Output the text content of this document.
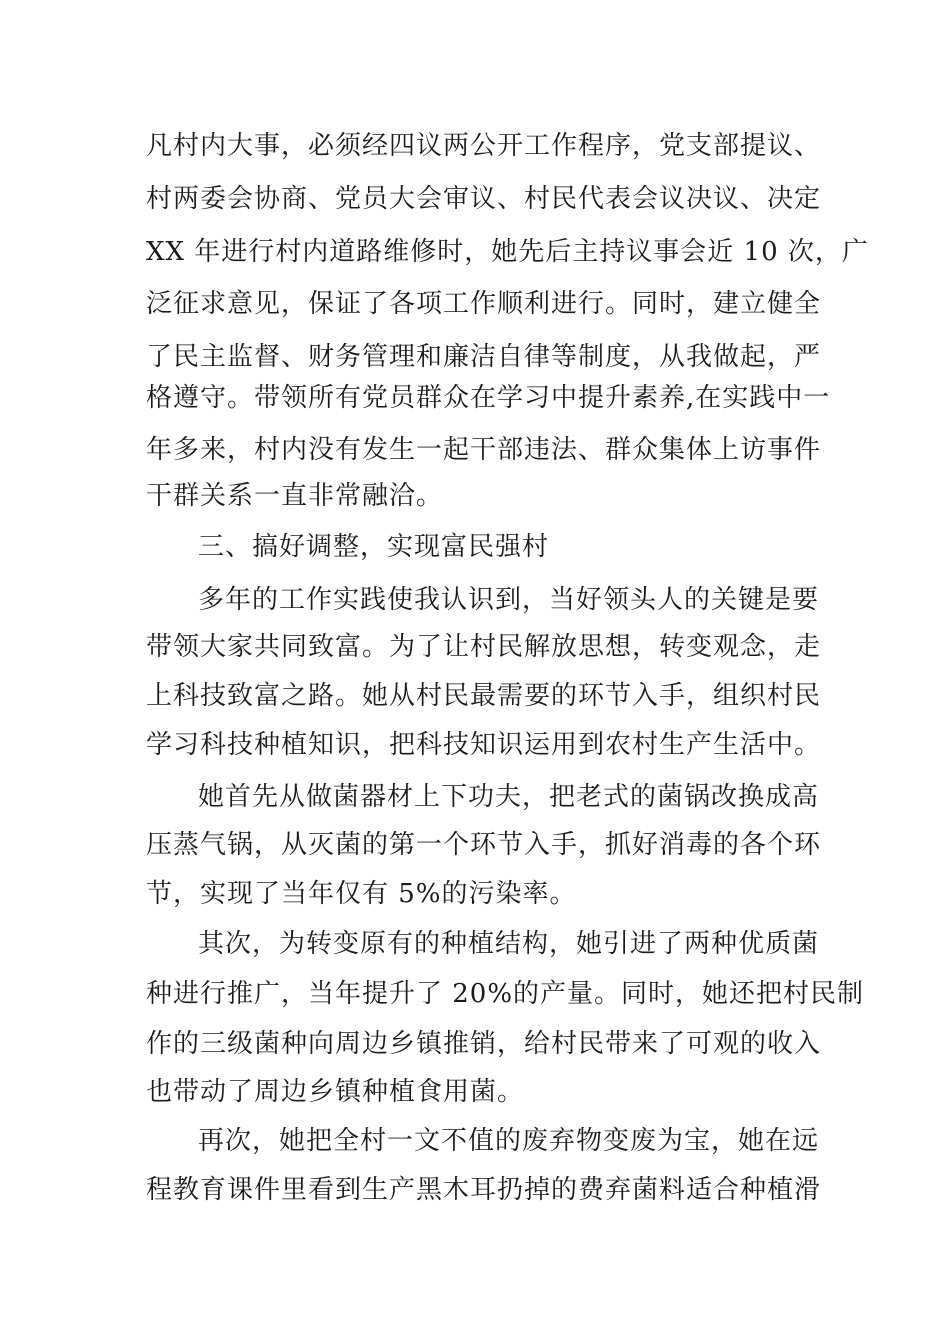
凡村内大事，必须经四议两公开工作程序，党支部提议、
村两委会协商、党员大会审议、村民代表会议决议、决定
XX 年进行村内道路维修时，她先后主持议事会近 10 次，广
泛征求意见，保证了各项工作顺利进行。同时，建立健全
了民主监督、财务管理和廉洁自律等制度，从我做起，严
格遵守。带领所有党员群众在学习中提升素养,在实践中一
年多来，村内没有发生一起干部违法、群众集体上访事件
干群关系一直非常融洽。
三、搞好调整，实现富民强村
多年的工作实践使我认识到，当好领头人的关键是要
带领大家共同致富。为了让村民解放思想，转变观念，走
上科技致富之路。她从村民最需要的环节入手，组织村民
学习科技种植知识，把科技知识运用到农村生产生活中。
她首先从做菌器材上下功夫，把老式的菌锅改换成高
压蒸气锅，从灭菌的第一个环节入手，抓好消毒的各个环
节，实现了当年仅有 5%的污染率。
其次，为转变原有的种植结构，她引进了两种优质菌
种进行推广，当年提升了 20%的产量。同时，她还把村民制
作的三级菌种向周边乡镇推销，给村民带来了可观的收入
也带动了周边乡镇种植食用菌。
再次，她把全村一文不值的废弃物变废为宝，她在远
程教育课件里看到生产黑木耳扔掉的费弃菌料适合种植滑
